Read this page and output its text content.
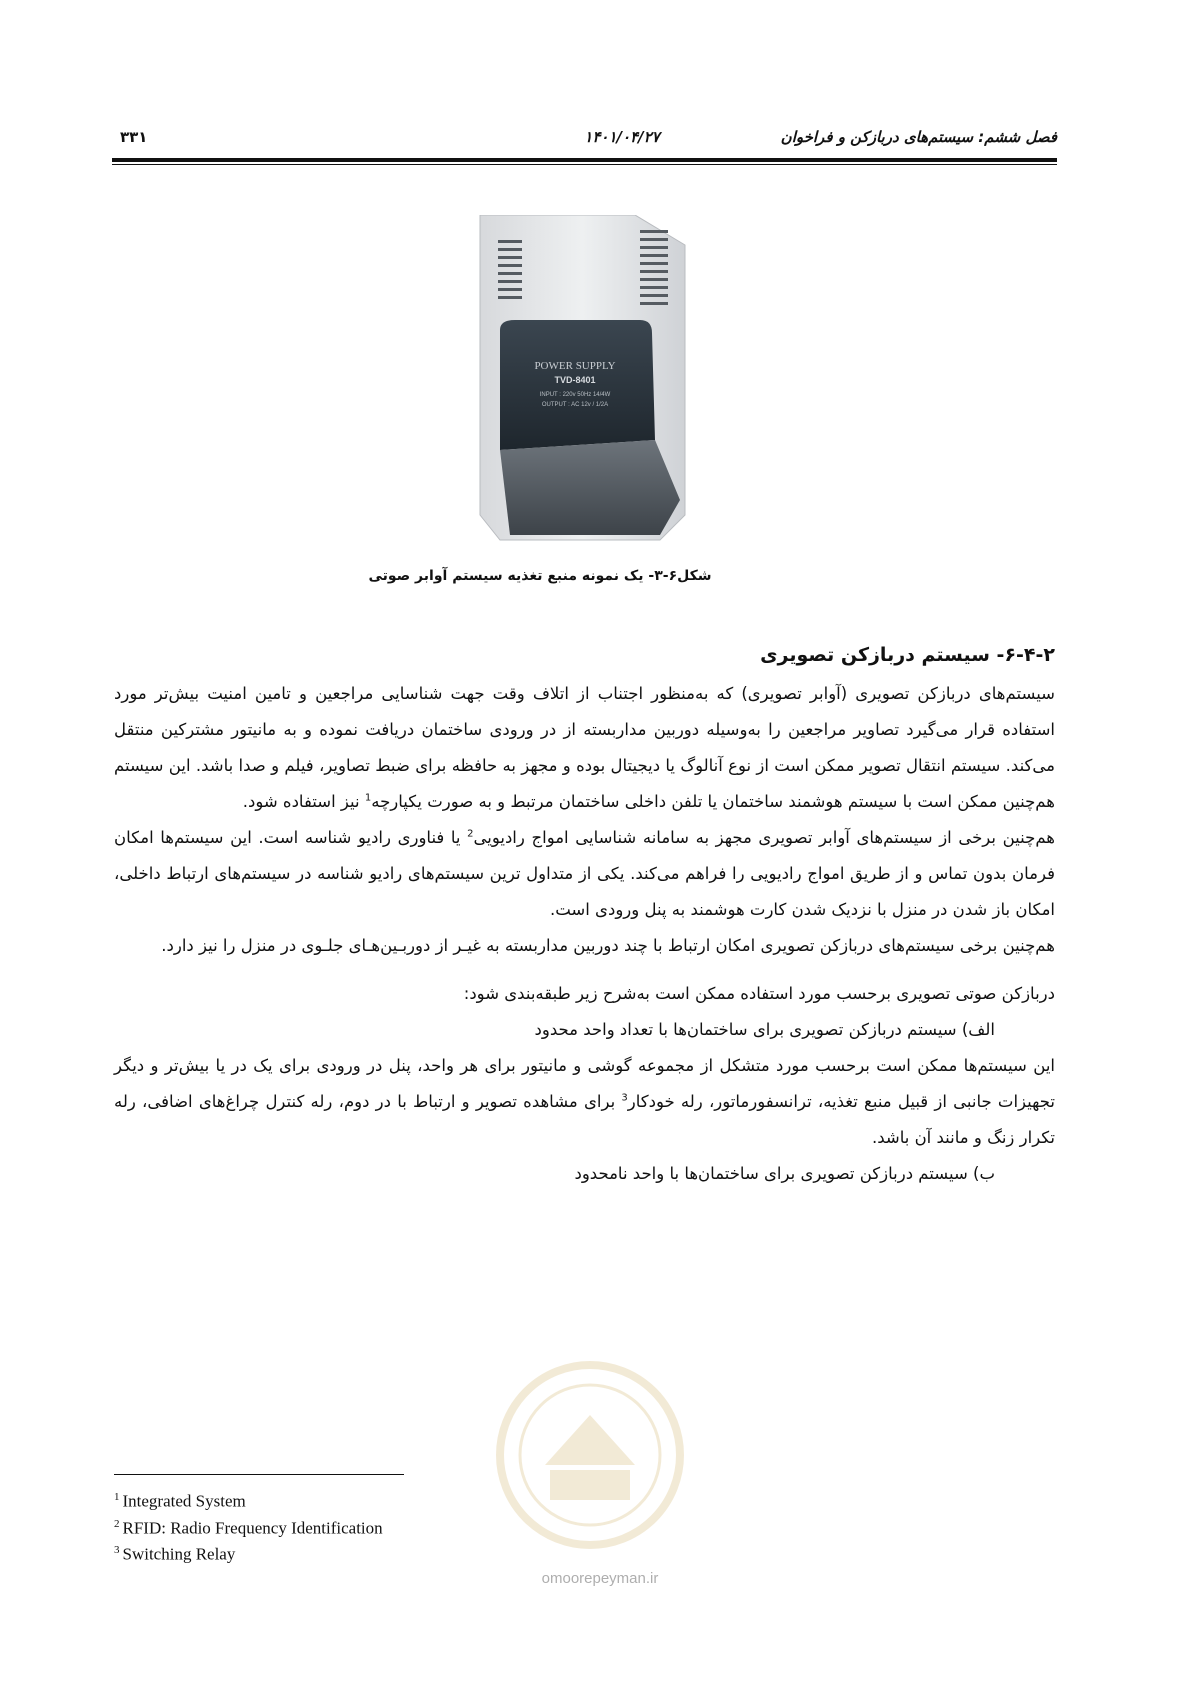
فصل ششم: سیستم‌های دربازکن و فراخوان
۱۴۰۱/۰۴/۲۷
۳۳۱
POWER SUPPLY
TVD-8401
INPUT : 220v 50Hz 14/4W
OUTPUT : AC 12v / 1/2A
شکل۶-۳- یک نمونه منبع تغذیه سیستم آوابر صوتی
omoorepeyman.ir
۶-۴-۲- سیستم دربازکن تصویری

سیستم‌های دربازکن تصویری (آوابر تصویری) که به‌منظور اجتناب از اتلاف وقت جهت شناسایی مراجعین و تامین امنیت بیش‌تر مورد استفاده قرار می‌گیرد تصاویر مراجعین را به‌وسیله دوربین مداربسته از در ورودی ساختمان دریافت نموده و به مانیتور مشترکین منتقل می‌کند. سیستم انتقال تصویر ممکن است از نوع آنالوگ یا دیجیتال بوده و مجهز به حافظه برای ضبط تصاویر، فیلم و صدا باشد. این سیستم هم‌چنین ممکن است با سیستم هوشمند ساختمان یا تلفن داخلی ساختمان مرتبط و به صورت یکپارچه$^1$ نیز استفاده شود.

هم‌چنین برخی از سیستم‌های آوابر تصویری مجهز به سامانه شناسایی امواج رادیویی$^2$ یا فناوری رادیو شناسه است. این سیستم‌ها امکان فرمان بدون تماس و از طریق امواج رادیویی را فراهم می‌کند. یکی از متداول ترین سیستم‌های رادیو شناسه در سیستم‌های ارتباط داخلی، امکان باز شدن در منزل با نزدیک شدن کارت هوشمند به پنل ورودی است.

هم‌چنین برخی سیستم‌های دربازکن تصویری امکان ارتباط با چند دوربین مداربسته به غیـر از دوربـین‌هـای جلـوی در منزل را نیز دارد.

دربازکن صوتی تصویری برحسب مورد استفاده ممکن است به‌شرح زیر طبقه‌بندی شود:

الف) سیستم دربازکن تصویری برای ساختمان‌ها با تعداد واحد محدود

این سیستم‌ها ممکن است برحسب مورد متشکل از مجموعه گوشی و مانیتور برای هر واحد، پنل در ورودی برای یک در یا بیش‌تر و دیگر تجهیزات جانبی از قبیل منبع تغذیه، ترانسفورماتور، رله خودکار$^3$ برای مشاهده تصویر و ارتباط با در دوم، رله کنترل چراغ‌های اضافی، رله تکرار زنگ و مانند آن باشد.

ب) سیستم دربازکن تصویری برای ساختمان‌ها با واحد نامحدود

$^1$ Integrated System
$^2$ RFID: Radio Frequency Identification
$^3$ Switching Relay
